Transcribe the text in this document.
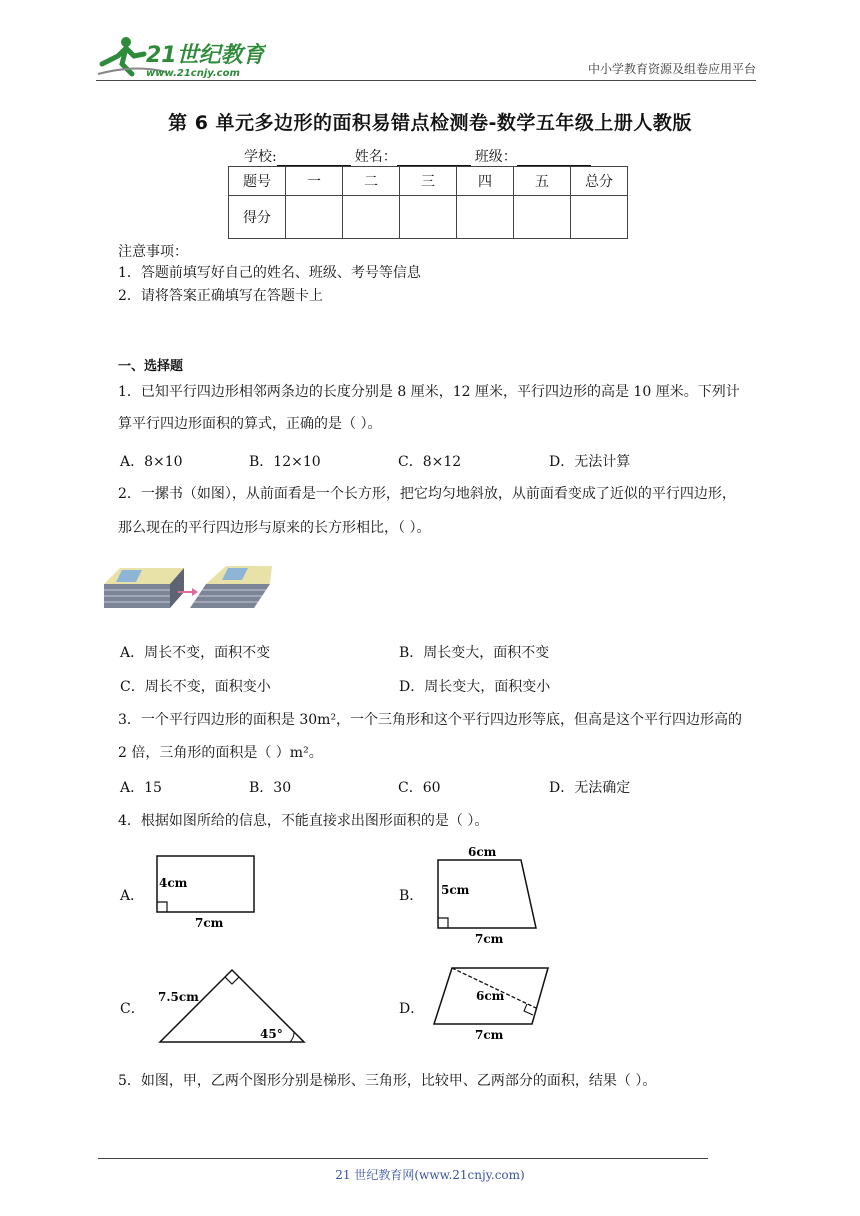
21世纪教育
www.21cnjy.com	中小学教育资源及组卷应用平台
第 6 单元多边形的面积易错点检测卷-数学五年级上册人教版
学校:	姓名：	班级：
题号	一	二	三	四	五	总分
得分						
注意事项：
1．答题前填写好自己的姓名、班级、考号等信息
2．请将答案正确填写在答题卡上
一、选择题
1．已知平行四边形相邻两条边的长度分别是 8 厘米，12 厘米，平行四边形的高是 10 厘米。下列计
算平行四边形面积的算式，正确的是（ ）。
A．8×10	B．12×10	C．8×12	D．无法计算
2．一摞书（如图），从前面看是一个长方形，把它均匀地斜放，从前面看变成了近似的平行四边形，
那么现在的平行四边形与原来的长方形相比，（ ）。
A．周长不变，面积不变	B．周长变大，面积不变
C．周长不变，面积变小	D．周长变大，面积变小
3．一个平行四边形的面积是 30m²，一个三角形和这个平行四边形等底，但高是这个平行四边形高的
2 倍，三角形的面积是（ ）m²。
A．15	B．30	C．60	D．无法确定
4．根据如图所给的信息，不能直接求出图形面积的是（ ）。
A．
4cm
7cm
B．
6cm
5cm
7cm
C．
7.5cm
45°
D．
6cm
7cm
5．如图，甲，乙两个图形分别是梯形、三角形，比较甲、乙两部分的面积，结果（ ）。
21 世纪教育网(www.21cnjy.com)
